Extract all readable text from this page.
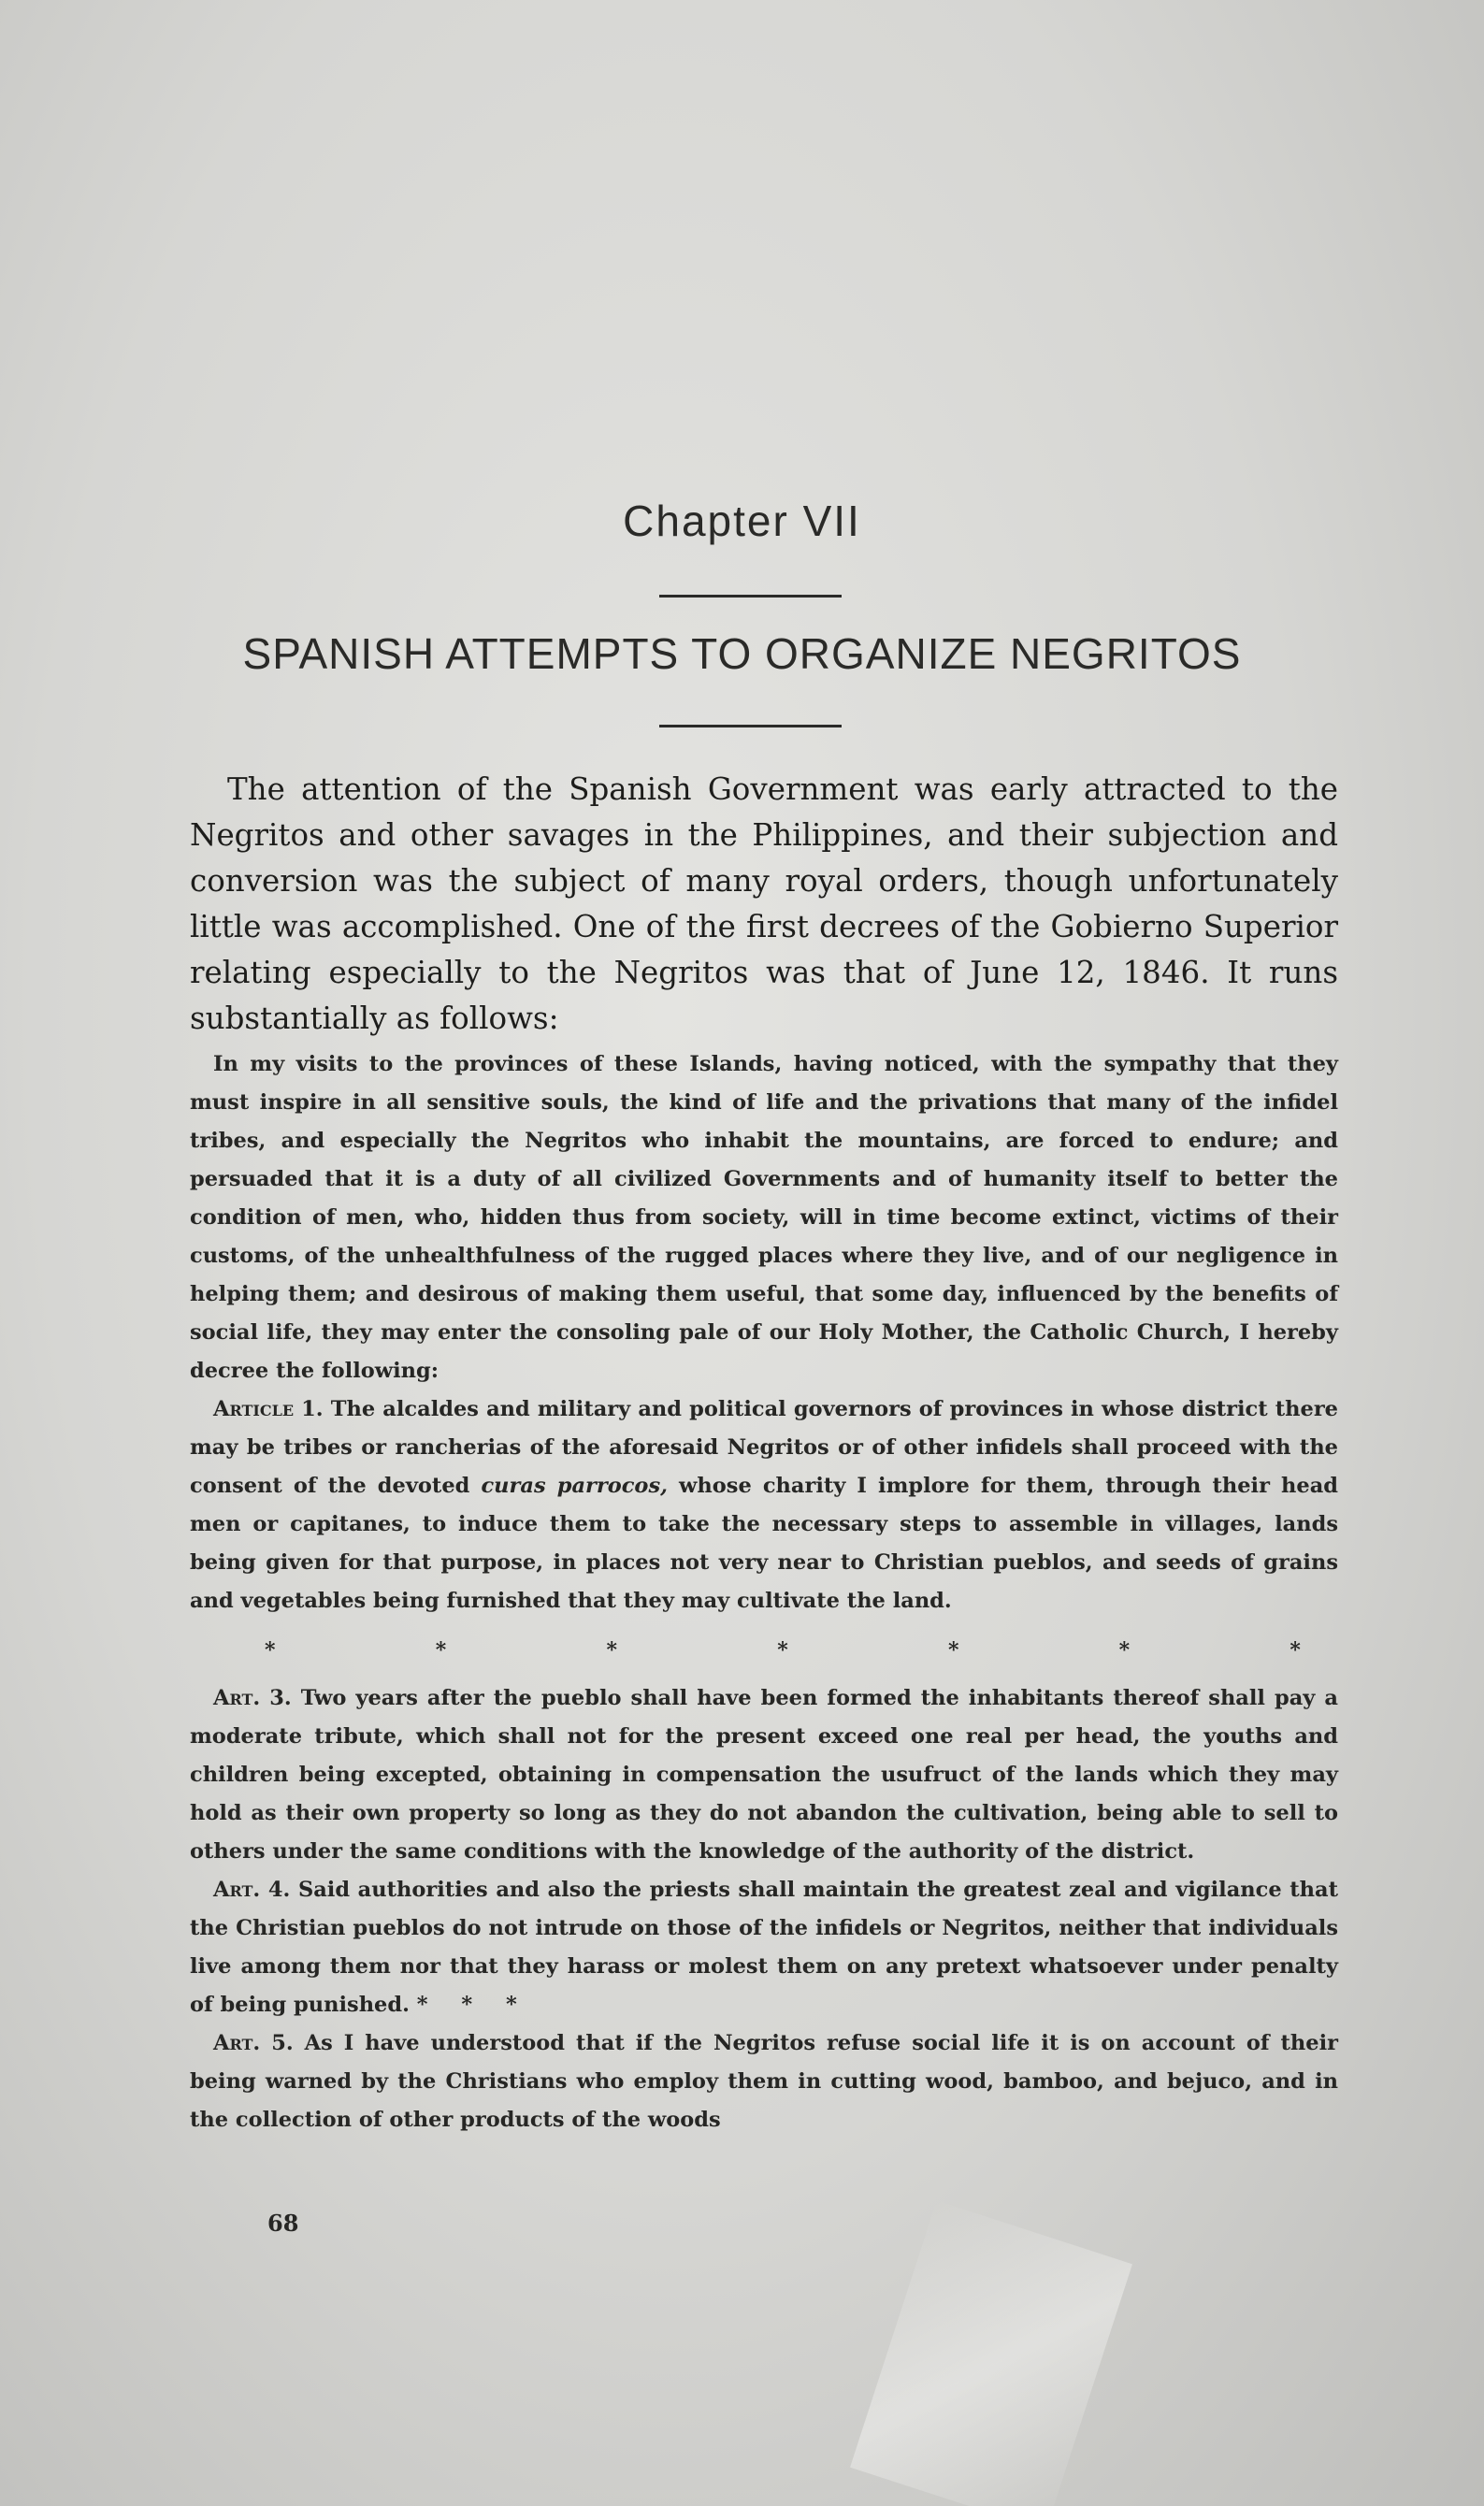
Chapter VII
SPANISH ATTEMPTS TO ORGANIZE NEGRITOS

The attention of the Spanish Government was early attracted to the Negritos and other savages in the Philippines, and their subjection and conversion was the subject of many royal orders, though unfortunately little was accomplished. One of the first decrees of the Gobierno Superior relating especially to the Negritos was that of June 12, 1846. It runs substantially as follows:

In my visits to the provinces of these Islands, having noticed, with the sympathy that they must inspire in all sensitive souls, the kind of life and the privations that many of the infidel tribes, and especially the Negritos who inhabit the mountains, are forced to endure; and persuaded that it is a duty of all civilized Governments and of humanity itself to better the condition of men, who, hidden thus from society, will in time become extinct, victims of their customs, of the unhealthfulness of the rugged places where they live, and of our negligence in helping them; and desirous of making them useful, that some day, influenced by the benefits of social life, they may enter the consoling pale of our Holy Mother, the Catholic Church, I hereby decree the following:

Article 1. The alcaldes and military and political governors of provinces in whose district there may be tribes or rancherias of the aforesaid Negritos or of other infidels shall proceed with the consent of the devoted curas parrocos, whose charity I implore for them, through their head men or capitanes, to induce them to take the necessary steps to assemble in villages, lands being given for that purpose, in places not very near to Christian pueblos, and seeds of grains and vegetables being furnished that they may cultivate the land.

*	*	*	*	*	*	*

Art. 3. Two years after the pueblo shall have been formed the inhabitants thereof shall pay a moderate tribute, which shall not for the present exceed one real per head, the youths and children being excepted, obtaining in compensation the usufruct of the lands which they may hold as their own property so long as they do not abandon the cultivation, being able to sell to others under the same conditions with the knowledge of the authority of the district.

Art. 4. Said authorities and also the priests shall maintain the greatest zeal and vigilance that the Christian pueblos do not intrude on those of the infidels or Negritos, neither that individuals live among them nor that they harass or molest them on any pretext whatsoever under penalty of being punished. * * *

Art. 5. As I have understood that if the Negritos refuse social life it is on account of their being warned by the Christians who employ them in cutting wood, bamboo, and bejuco, and in the collection of other products of the woods

68
